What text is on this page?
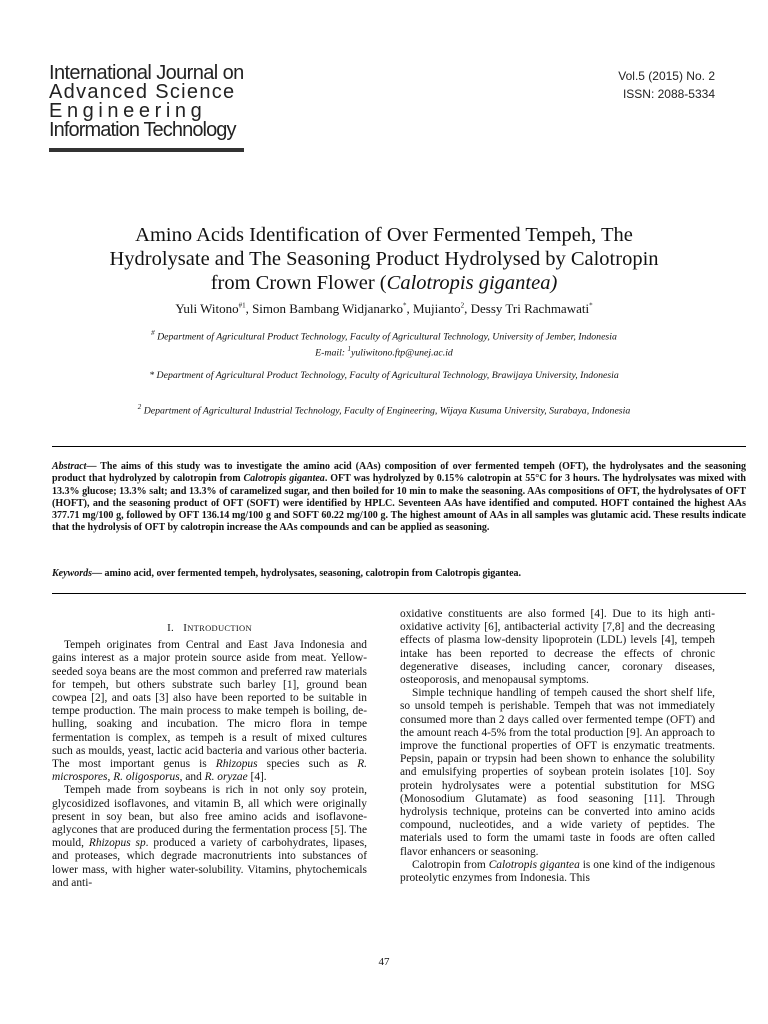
International Journal on
Advanced Science
Engineering
Information Technology
Vol.5 (2015) No. 2
ISSN: 2088-5334
Amino Acids Identification of Over Fermented Tempeh, The
Hydrolysate and The Seasoning Product Hydrolysed by Calotropin
from Crown Flower (Calotropis gigantea)
Yuli Witono$^{\#1}$, Simon Bambang Widjanarko*, Mujianto$^2$, Dessy Tri Rachmawati*
# Department of Agricultural Product Technology, Faculty of Agricultural Technology, University of Jember, Indonesia
E-mail: $^1$yuliwitono.ftp@unej.ac.id
* Department of Agricultural Product Technology, Faculty of Agricultural Technology, Brawijaya University, Indonesia
$^2$ Department of Agricultural Industrial Technology, Faculty of Engineering, Wijaya Kusuma University, Surabaya, Indonesia
Abstract— The aims of this study was to investigate the amino acid (AAs) composition of over fermented tempeh (OFT), the hydrolysates and the seasoning product that hydrolyzed by calotropin from Calotropis gigantea. OFT was hydrolyzed by 0.15% calotropin at 55°C for 3 hours. The hydrolysates was mixed with 13.3% glucose; 13.3% salt; and 13.3% of caramelized sugar, and then boiled for 10 min to make the seasoning. AAs compositions of OFT, the hydrolysates of OFT (HOFT), and the seasoning product of OFT (SOFT) were identified by HPLC. Seventeen AAs have identified and computed. HOFT contained the highest AAs 377.71 mg/100 g, followed by OFT 136.14 mg/100 g and SOFT 60.22 mg/100 g. The highest amount of AAs in all samples was glutamic acid. These results indicate that the hydrolysis of OFT by calotropin increase the AAs compounds and can be applied as seasoning.
Keywords— amino acid, over fermented tempeh, hydrolysates, seasoning, calotropin from Calotropis gigantea.
I. INTRODUCTION

Tempeh originates from Central and East Java Indonesia and gains interest as a major protein source aside from meat. Yellow-seeded soya beans are the most common and preferred raw materials for tempeh, but others substrate such barley [1], ground bean cowpea [2], and oats [3] also have been reported to be suitable in tempe production. The main process to make tempeh is boiling, de-hulling, soaking and incubation. The micro flora in tempe fermentation is complex, as tempeh is a result of mixed cultures such as moulds, yeast, lactic acid bacteria and various other bacteria. The most important genus is Rhizopus species such as R. microspores, R. oligosporus, and R. oryzae [4].

Tempeh made from soybeans is rich in not only soy protein, glycosidized isoflavones, and vitamin B, all which were originally present in soy bean, but also free amino acids and isoflavone-aglycones that are produced during the fermentation process [5]. The mould, Rhizopus sp. produced a variety of carbohydrates, lipases, and proteases, which degrade macronutrients into substances of lower mass, with higher water-solubility. Vitamins, phytochemicals and anti-

oxidative constituents are also formed [4]. Due to its high anti-oxidative activity [6], antibacterial activity [7,8] and the decreasing effects of plasma low-density lipoprotein (LDL) levels [4], tempeh intake has been reported to decrease the effects of chronic degenerative diseases, including cancer, coronary diseases, osteoporosis, and menopausal symptoms.

Simple technique handling of tempeh caused the short shelf life, so unsold tempeh is perishable. Tempeh that was not immediately consumed more than 2 days called over fermented tempe (OFT) and the amount reach 4-5% from the total production [9]. An approach to improve the functional properties of OFT is enzymatic treatments. Pepsin, papain or trypsin had been shown to enhance the solubility and emulsifying properties of soybean protein isolates [10]. Soy protein hydrolysates were a potential substitution for MSG (Monosodium Glutamate) as food seasoning [11]. Through hydrolysis technique, proteins can be converted into amino acids compound, nucleotides, and a wide variety of peptides. The materials used to form the umami taste in foods are often called flavor enhancers or seasoning.

Calotropin from Calotropis gigantea is one kind of the indigenous proteolytic enzymes from Indonesia. This

47
